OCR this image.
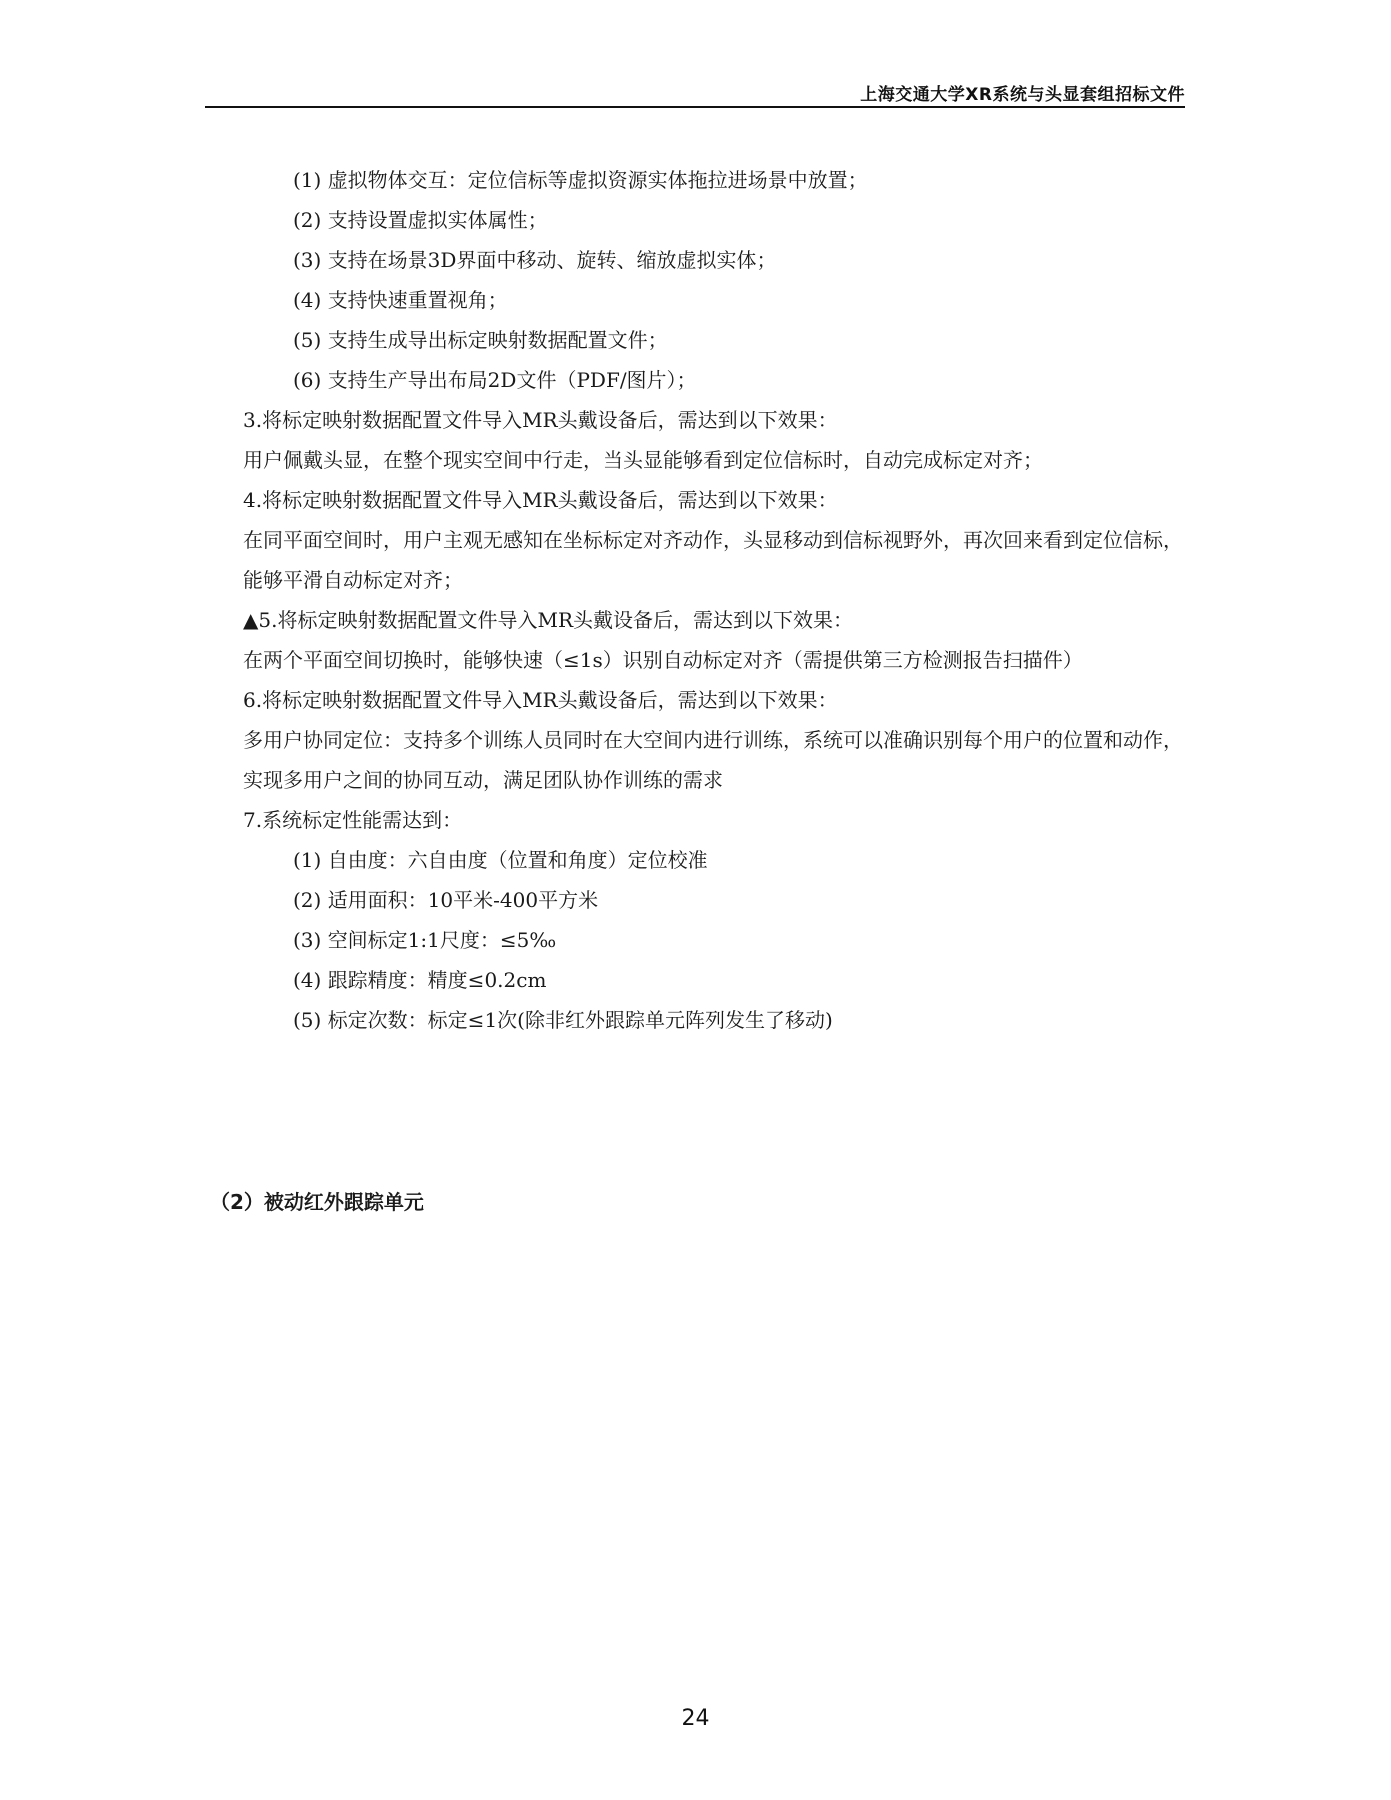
上海交通大学XR系统与头显套组招标文件
(1) 虚拟物体交互：定位信标等虚拟资源实体拖拉进场景中放置；
(2) 支持设置虚拟实体属性；
(3) 支持在场景3D界面中移动、旋转、缩放虚拟实体；
(4) 支持快速重置视角；
(5) 支持生成导出标定映射数据配置文件；
(6) 支持生产导出布局2D文件（PDF/图片）；
3.将标定映射数据配置文件导入MR头戴设备后，需达到以下效果：
用户佩戴头显，在整个现实空间中行走，当头显能够看到定位信标时，自动完成标定对齐；
4.将标定映射数据配置文件导入MR头戴设备后，需达到以下效果：
在同平面空间时，用户主观无感知在坐标标定对齐动作，头显移动到信标视野外，再次回来看到定位信标，能够平滑自动标定对齐；
▲5.将标定映射数据配置文件导入MR头戴设备后，需达到以下效果：
在两个平面空间切换时，能够快速（≤1s）识别自动标定对齐（需提供第三方检测报告扫描件）
6.将标定映射数据配置文件导入MR头戴设备后，需达到以下效果：
多用户协同定位：支持多个训练人员同时在大空间内进行训练，系统可以准确识别每个用户的位置和动作，实现多用户之间的协同互动，满足团队协作训练的需求
7.系统标定性能需达到：
(1) 自由度：六自由度（位置和角度）定位校准
(2) 适用面积：10平米-400平方米
(3) 空间标定1:1尺度：≤5‰
(4) 跟踪精度：精度≤0.2cm
(5) 标定次数：标定≤1次(除非红外跟踪单元阵列发生了移动)
（2）被动红外跟踪单元
24
